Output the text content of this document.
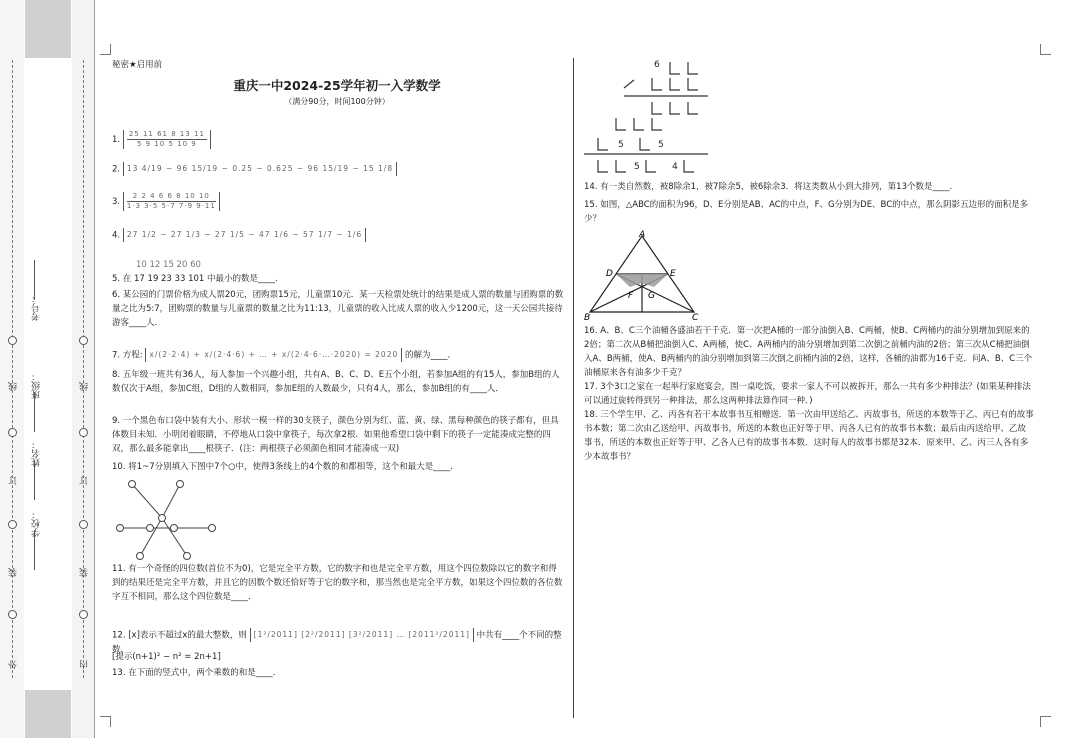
外
装
订
线
学校：
姓名：
班级：
考号：
内
装
订
线
秘密★启用前
重庆一中2024-25学年初一入学数学
（满分90分，时间100分钟）
1. $\frac{25 11 61 8 13 11}{5 9 10 5 10 9}$
2. 13 4/19 − 96 15/19 − 0.25 − 0.625 − 96 15/19 − 15 1/8
3. $\frac{2 2 4 6 6 8 10 10}{1\cdot 3 3\cdot 5 5\cdot 7 7\cdot 9 9\cdot 11}$
4. 27 1/2 − 27 1/3 − 27 1/5 − 47 1/6 − 57 1/7 − 1/6
10 12 15 20 60
5. 在 17 19 23 33 101 中最小的数是____.
6. 某公园的门票价格为成人票20元，团购票15元，儿童票10元．某一天检票处统计的结果是成人票的数量与团购票的数量之比为5:7，团购票的数量与儿童票的数量之比为11:13，儿童票的收入比成人票的收入少1200元，这一天公园共接待游客____人．
7. 方程: x/(2·2·4) + x/(2·4·6) + … + x/(2·4·6·…·2020) = 2020 的解为____．
8. 五年级一班共有36人，每人参加一个兴趣小组，共有A、B、C、D、E五个小组，若参加A组的有15人，参加B组的人数仅次于A组，参加C组，D组的人数相同，参加E组的人数最少，只有4人，那么，参加B组的有____人．
9. 一个黑色布口袋中装有大小、形状一模一样的30支筷子，颜色分别为红、蓝、黄、绿、黑每种颜色的筷子都有，但具体数目未知．小明闭着眼睛，不停地从口袋中拿筷子，每次拿2根．如果他希望口袋中剩下的筷子一定能凑成完整的四双，那么最多能拿出____根筷子．(注：两根筷子必须颜色相同才能凑成一双)
10. 将1~7分别填入下图中7个○中，使得3条线上的4个数的和都相等，这个和最大是____．
11. 有一个奇怪的四位数(首位不为0)，它是完全平方数，它的数字和也是完全平方数，用这个四位数除以它的数字和得到的结果还是完全平方数，并且它的因数个数还恰好等于它的数字和，那当然也是完全平方数，如果这个四位数的各位数字互不相同，那么这个四位数是____．
12. [x]表示不超过x的最大整数，则 [1²/2011] [2²/2011] [3²/2011] … [2011²/2011] 中共有____个不同的整数．
[提示(n+1)² − n² = 2n+1]
13. 在下面的竖式中，两个乘数的和是____．
6
5	5
5	4
14. 有一类自然数，被8除余1，被7除余5，被6除余3．将这类数从小到大排列，第13个数是____．
15. 如图，△ABC的面积为96，D、E分别是AB、AC的中点，F、G分别为DE、BC的中点，那么阴影五边形的面积是多少？
A
D	E
F G
B	C
16. A、B、C三个油桶各盛油若干千克．第一次把A桶的一部分油倒入B、C两桶，使B、C两桶内的油分别增加到原来的2倍；第二次从B桶把油倒入C、A两桶，使C、A两桶内的油分别增加到第二次倒之前桶内油的2倍；第三次从C桶把油倒入A、B两桶，使A、B两桶内的油分别增加到第三次倒之前桶内油的2倍，这样，各桶的油都为16千克．问A、B、C三个油桶原来各有油多少千克？
17. 3个3口之家在一起举行家庭宴会，围一桌吃饭，要求一家人不可以被拆开，那么一共有多少种排法？(如果某种排法可以通过旋转得到另一种排法，那么这两种排法算作同一种．)
18. 三个学生甲、乙、丙各有若干本故事书互相赠送．第一次由甲送给乙、丙故事书，所送的本数等于乙、丙已有的故事书本数；第二次由乙送给甲、丙故事书，所送的本数也正好等于甲、丙各人已有的故事书本数；最后由丙送给甲、乙故事书，所送的本数也正好等于甲、乙各人已有的故事书本数．这时每人的故事书都是32本．原来甲、乙、丙三人各有多少本故事书？
